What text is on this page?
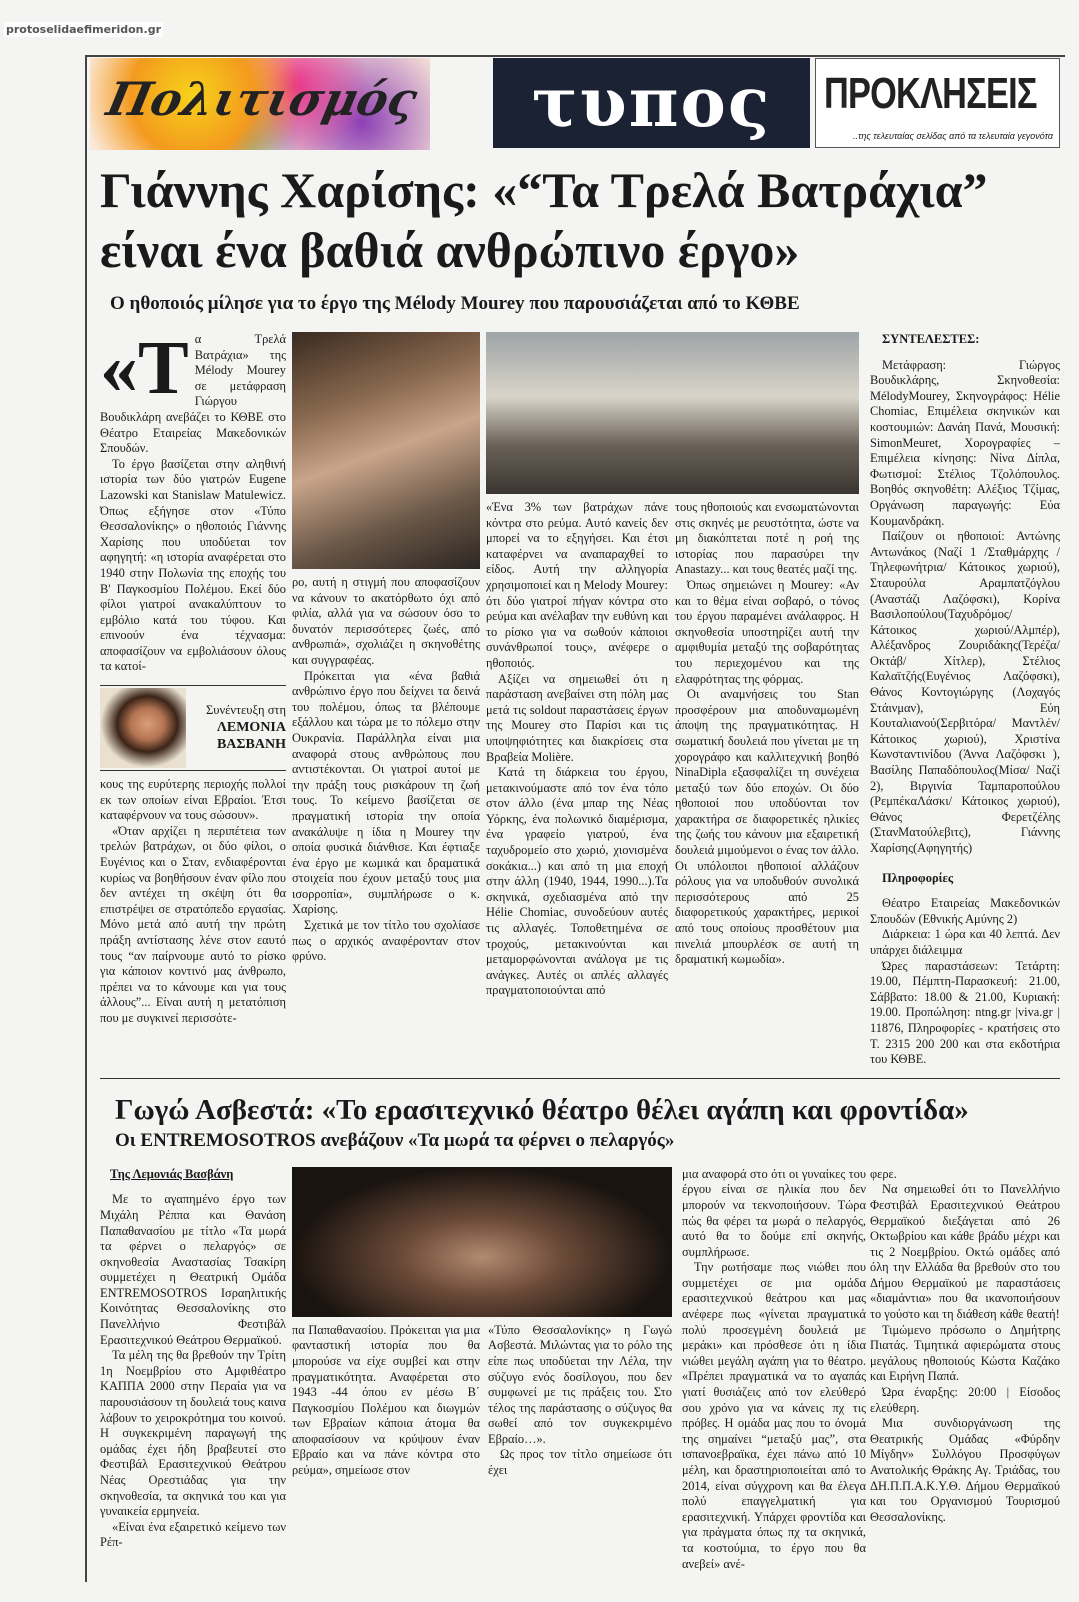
protoselidaefimeridon.gr
Πολιτισμός	τυπος	ΠΡΟΚΛΗΣΕΙΣ
..της τελευταίας σελίδας από τα τελευταία γεγονότα
Γιάννης Χαρίσης: «“Τα Τρελά Βατράχια”
είναι ένα βαθιά ανθρώπινο έργο»
Ο ηθοποιός μίλησε για το έργο της Mélody Mourey που παρουσιάζεται από το ΚΘΒΕ
«Τ α Τρελά Βατράχια» της Mélody Mourey σε μετάφραση Γιώργου Βουδικλάρη ανεβάζει το ΚΘΒΕ στο Θέατρο Εταιρείας Μακεδονικών Σπουδών.

Το έργο βασίζεται στην αληθινή ιστορία των δύο γιατρών Eugene Lazowski και Stanislaw Matulewicz. Όπως εξήγησε στον «Τύπο Θεσσαλονίκης» ο ηθοποιός Γιάννης Χαρίσης που υποδύεται τον αφηγητή: «η ιστορία αναφέρεται στο 1940 στην Πολωνία της εποχής του Β' Παγκοσμίου Πολέμου. Εκεί δύο φίλοι γιατροί ανακαλύπτουν το εμβόλιο κατά του τύφου. Και επινοούν ένα τέχνασμα: αποφασίζουν να εμβολιάσουν όλους τα κατοί-

Συνέντευξη στη
ΛΕΜΟΝΙΑ ΒΑΣΒΑΝΗ

κους της ευρύτερης περιοχής πολλοί εκ των οποίων είναι Εβραίοι. Έτσι καταφέρνουν να τους σώσουν».

«Όταν αρχίζει η περιπέτεια των τρελών βατράχων, οι δύο φίλοι, ο Ευγένιος και ο Σταν, ενδιαφέρονται κυρίως να βοηθήσουν έναν φίλο που δεν αντέχει τη σκέψη ότι θα επιστρέψει σε στρατόπεδο εργασίας. Μόνο μετά από αυτή την πρώτη πράξη αντίστασης λένε στον εαυτό τους “αν παίρνουμε αυτό το ρίσκο για κάποιον κοντινό μας άνθρωπο, πρέπει να το κάνουμε και για τους άλλους”... Είναι αυτή η μετατόπιση που με συγκινεί περισσότε-

ρο, αυτή η στιγμή που αποφασίζουν να κάνουν το ακατόρθωτο όχι από φιλία, αλλά για να σώσουν όσο το δυνατόν περισσότερες ζωές, από ανθρωπιά», σχολιάζει η σκηνοθέτης και συγγραφέας.

Πρόκειται για «ένα βαθιά ανθρώπινο έργο που δείχνει τα δεινά του πολέμου, όπως τα βλέπουμε εξάλλου και τώρα με το πόλεμο στην Ουκρανία. Παράλληλα είναι μια αναφορά στους ανθρώπους που αντιστέκονται. Οι γιατροί αυτοί με την πράξη τους ρισκάρουν τη ζωή τους. Το κείμενο βασίζεται σε πραγματική ιστορία την οποία ανακάλυψε η ίδια η Mourey την οποία φυσικά διάνθισε. Και έφτιαξε ένα έργο με κωμικά και δραματικά στοιχεία που έχουν μεταξύ τους μια ισορροπία», συμπλήρωσε ο κ. Χαρίσης.

Σχετικά με τον τίτλο του σχολίασε πως ο αρχικός αναφέρονταν στον φρύνο.

«Ένα 3% των βατράχων πάνε κόντρα στο ρεύμα. Αυτό κανείς δεν μπορεί να το εξηγήσει. Και έτσι καταφέρνει να αναπαραχθεί το είδος. Αυτή την αλληγορία χρησιμοποιεί και η Melody Mourey: ότι δύο γιατροί πήγαν κόντρα στο ρεύμα και ανέλαβαν την ευθύνη και το ρίσκο για να σωθούν κάποιοι συνάνθρωποί τους», ανέφερε ο ηθοποιός.

Αξίζει να σημειωθεί ότι η παράσταση ανεβαίνει στη πόλη μας μετά τις soldout παραστάσεις έργων της Mourey στο Παρίσι και τις υποψηφιότητες και διακρίσεις στα Βραβεία Molière.

Κατά τη διάρκεια του έργου, μετακινούμαστε από τον ένα τόπο στον άλλο (ένα μπαρ της Νέας Υόρκης, ένα πολωνικό διαμέρισμα, ένα γραφείο γιατρού, ένα ταχυδρομείο στο χωριό, χιονισμένα σοκάκια...) και από τη μια εποχή στην άλλη (1940, 1944, 1990...).Τα σκηνικά, σχεδιασμένα από την Hélie Chomiac, συνοδεύουν αυτές τις αλλαγές. Τοποθετημένα σε τροχούς, μετακινούνται και μεταμορφώνονται ανάλογα με τις ανάγκες. Αυτές οι απλές αλλαγές πραγματοποιούνται από

τους ηθοποιούς και ενσωματώνονται στις σκηνές με ρευστότητα, ώστε να μη διακόπτεται ποτέ η ροή της ιστορίας που παρασύρει την Anastazy... και τους θεατές μαζί της.

Όπως σημειώνει η Mourey: «Αν και το θέμα είναι σοβαρό, ο τόνος του έργου παραμένει ανάλαφρος. Η σκηνοθεσία υποστηρίζει αυτή την αμφιθυμία μεταξύ της σοβαρότητας του περιεχομένου και της ελαφρότητας της φόρμας.

Οι αναμνήσεις του Stan προσφέρουν μια αποδυναμωμένη άποψη της πραγματικότητας. Η σωματική δουλειά που γίνεται με τη χορογράφο και καλλιτεχνική βοηθό NinaDipla εξασφαλίζει τη συνέχεια μεταξύ των δύο εποχών. Οι δύο ηθοποιοί που υποδύονται τον χαρακτήρα σε διαφορετικές ηλικίες της ζωής του κάνουν μια εξαιρετική δουλειά μιμούμενοι ο ένας τον άλλο. Οι υπόλοιποι ηθοποιοί αλλάζουν ρόλους για να υποδυθούν συνολικά περισσότερους από 25 διαφορετικούς χαρακτήρες, μερικοί από τους οποίους προσθέτουν μια πινελιά μπουρλέσκ σε αυτή τη δραματική κωμωδία».

ΣΥΝΤΕΛΕΣΤΕΣ:

Μετάφραση: Γιώργος Βουδικλάρης, Σκηνοθεσία: MélodyMourey, Σκηνογράφος: Hélie Chomiac, Επιμέλεια σκηνικών και κοστουμιών: Δανάη Πανά, Μουσική: SimonMeuret, Χορογραφίες – Επιμέλεια κίνησης: Νίνα Δίπλα, Φωτισμοί: Στέλιος Τζολόπουλος. Βοηθός σκηνοθέτη: Αλέξιος Τζίμας, Οργάνωση παραγωγής: Εύα Κουμανδράκη.

Παίζουν οι ηθοποιοί: Αντώνης Αντωνάκος (Ναζί 1 /Σταθμάρχης /Τηλεφωνήτρια/ Κάτοικος χωριού), Σταυρούλα Αραμπατζόγλου (Αναστάζι Λαζόφσκι), Κορίνα Βασιλοπούλου(Ταχυδρόμος/ Κάτοικος χωριού/Αλμπέρ), Αλέξανδρος Ζουριδάκης(Τερέζα/ Οκτάβ/ Χίτλερ), Στέλιος Καλαϊτζής(Ευγένιος Λαζόφσκι), Θάνος Κοντογιώργης (Λοχαγός Στάινμαν), Εύη Κουταλιανού(Σερβιτόρα/ Μαντλέν/ Κάτοικος χωριού), Χριστίνα Κωνσταντινίδου (Άννα Λαζόφσκι ), Βασίλης Παπαδόπουλος(Μίσα/ Ναζί 2), Βιργινία Ταμπαροπούλου (ΡεμπέκαΛάσκι/ Κάτοικος χωριού), Θάνος Φερετζέλης (ΣτανΜατούλεβιτς), Γιάννης Χαρίσης(Αφηγητής)

Πληροφορίες

Θέατρο Εταιρείας Μακεδονικών Σπουδών (Εθνικής Αμύνης 2)

Διάρκεια: 1 ώρα και 40 λεπτά. Δεν υπάρχει διάλειμμα

Ώρες παραστάσεων: Τετάρτη: 19.00, Πέμπτη-Παρασκευή: 21.00, Σάββατο: 18.00 & 21.00, Κυριακή: 19.00. Προπώληση: ntng.gr |viva.gr | 11876, Πληροφορίες - κρατήσεις στο Τ. 2315 200 200 και στα εκδοτήρια του ΚΘΒΕ.

Γωγώ Ασβεστά: «Το ερασιτεχνικό θέατρο θέλει αγάπη και φροντίδα»
Οι ENTREMOSOTROS ανεβάζουν «Τα μωρά τα φέρνει ο πελαργός»
Της Λεμονιάς Βασβάνη

Με το αγαπημένο έργο των Μιχάλη Ρέππα και Θανάση Παπαθανασίου με τίτλο «Τα μωρά τα φέρνει ο πελαργός» σε σκηνοθεσία Αναστασίας Τσακίρη συμμετέχει η Θεατρική Ομάδα ENTREMOSOTROS Ισραηλιτικής Κοινότητας Θεσσαλονίκης στο Πανελλήνιο Φεστιβάλ Ερασιτεχνικού Θεάτρου Θερμαϊκού.

Τα μέλη της θα βρεθούν την Τρίτη 1η Νοεμβρίου στο Αμφιθέατρο ΚΑΠΠΑ 2000 στην Περαία για να παρουσιάσουν τη δουλειά τους καινα λάβουν το χειροκρότημα του κοινού. Η συγκεκριμένη παραγωγή της ομάδας έχει ήδη βραβευτεί στο Φεστιβάλ Ερασιτεχνικού Θεάτρου Νέας Ορεστιάδας για την σκηνοθεσία, τα σκηνικά του και για γυναικεία ερμηνεία.

«Είναι ένα εξαιρετικό κείμενο των Ρέπ-

πα Παπαθανασίου. Πρόκειται για μια φανταστική ιστορία που θα μπορούσε να είχε συμβεί και στην πραγματικότητα. Αναφέρεται στο 1943 -44 όπου εν μέσω Β΄ Παγκοσμίου Πολέμου και διωγμών των Εβραίων κάποια άτομα θα αποφασίσουν να κρύψουν έναν Εβραίο και να πάνε κόντρα στο ρεύμα», σημείωσε στον

«Τύπο Θεσσαλονίκης» η Γωγώ Ασβεστά. Μιλώντας για το ρόλο της είπε πως υποδύεται την Λέλα, την σύζυγο ενός δοσίλογου, που δεν συμφωνεί με τις πράξεις του. Στο τέλος της παράστασης ο σύζυγος θα σωθεί από τον συγκεκριμένο Εβραίο…».

Ως προς τον τίτλο σημείωσε ότι έχει

μια αναφορά στο ότι οι γυναίκες του έργου είναι σε ηλικία που δεν μπορούν να τεκνοποιήσουν. Τώρα πώς θα φέρει τα μωρά ο πελαργός, αυτό θα το δούμε επί σκηνής, συμπλήρωσε.

Την ρωτήσαμε πως νιώθει που συμμετέχει σε μια ομάδα ερασιτεχνικού θεάτρου και μας ανέφερε πως «γίνεται πραγματικά πολύ προσεγμένη δουλειά με μεράκι» και πρόσθεσε ότι η ίδια νιώθει μεγάλη αγάπη για το θέατρο. «Πρέπει πραγματικά να το αγαπάς γιατί θυσιάζεις από τον ελεύθερό σου χρόνο για να κάνεις πχ τις πρόβες. Η ομάδα μας που το όνομά της σημαίνει “μεταξύ μας”, στα ισπανοεβραϊκα, έχει πάνω από 10 μέλη, και δραστηριοποιείται από το 2014, είναι σύγχρονη και θα έλεγα πολύ επαγγελματική για ερασιτεχνική. Υπάρχει φροντίδα και για πράγματα όπως πχ τα σκηνικά, τα κοστούμια, το έργο που θα ανεβεί» ανέ-

φερε.

Να σημειωθεί ότι το Πανελλήνιο Φεστιβάλ Ερασιτεχνικού Θεάτρου Θερμαϊκού διεξάγεται από 26 Οκτωβρίου και κάθε βράδυ μέχρι και τις 2 Νοεμβρίου. Οκτώ ομάδες από όλη την Ελλάδα θα βρεθούν στο του Δήμου Θερμαϊκού με παραστάσεις «διαμάντια» που θα ικανοποιήσουν το γούστο και τη διάθεση κάθε θεατή!

Τιμώμενο πρόσωπο ο Δημήτρης Πιατάς. Τιμητικά αφιερώματα στους μεγάλους ηθοποιούς Κώστα Καζάκο και Ειρήνη Παπά.

Ώρα έναρξης: 20:00 | Είσοδος ελεύθερη.

Μια συνδιοργάνωση της Θεατρικής Ομάδας «Φύρδην Μίγδην» Συλλόγου Προσφύγων Ανατολικής Θράκης Αγ. Τριάδας, του ΔΗ.Π.Π.Α.Κ.Υ.Θ. Δήμου Θερμαϊκού και του Οργανισμού Τουρισμού Θεσσαλονίκης.
